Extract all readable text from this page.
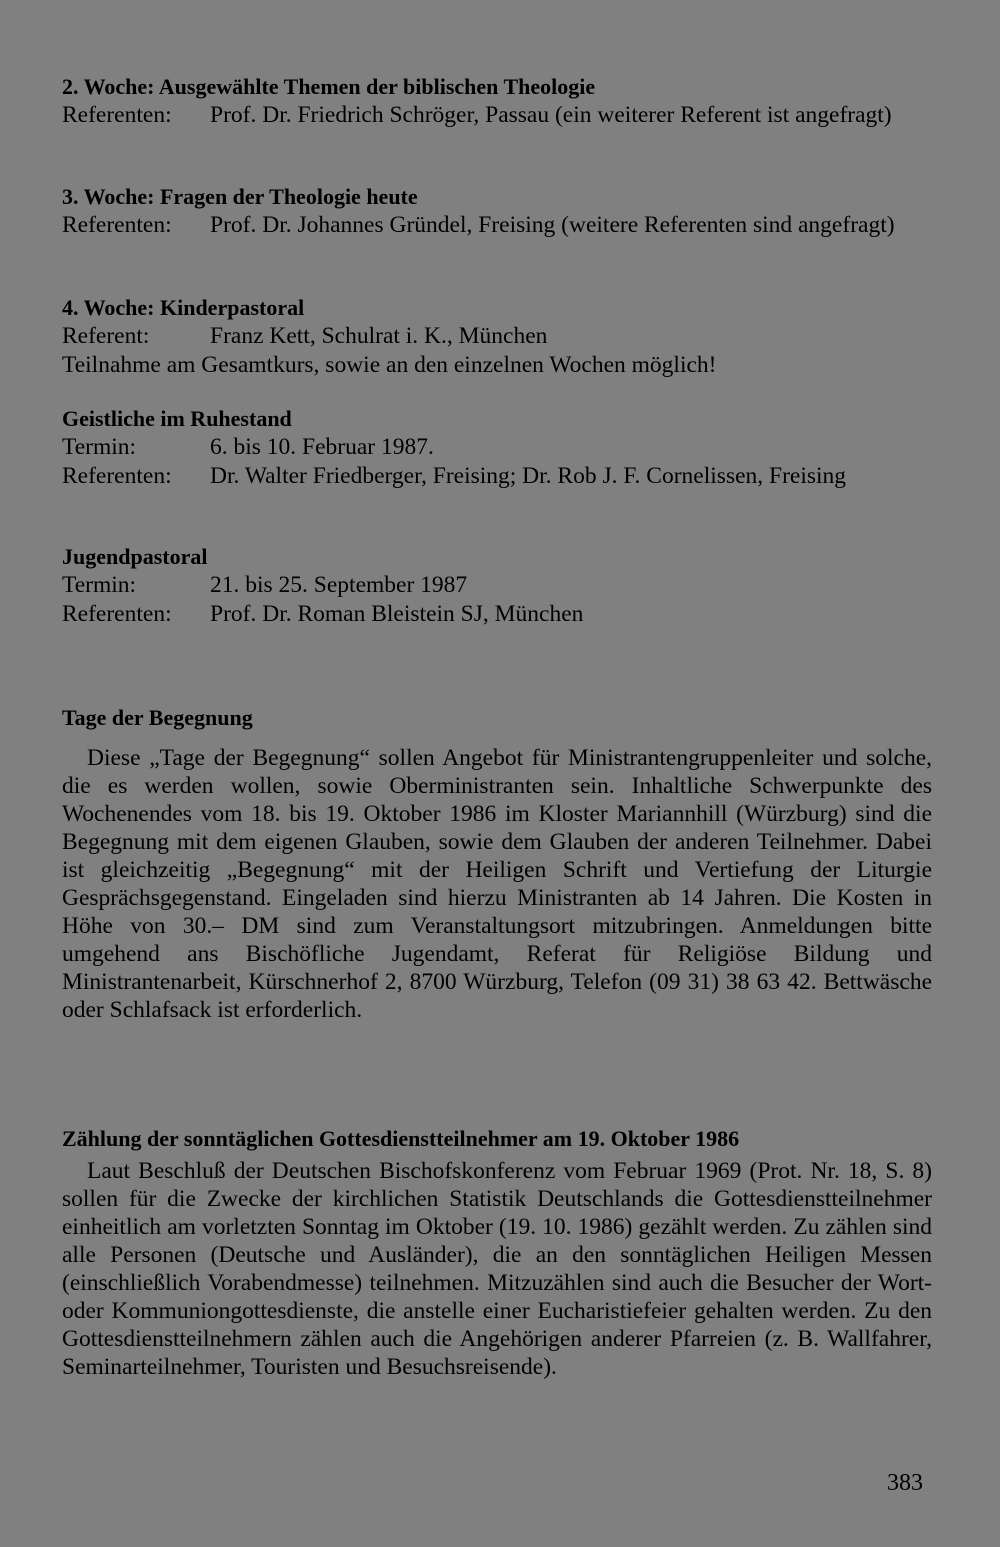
2. Woche: Ausgewählte Themen der biblischen Theologie
Referenten:	Prof. Dr. Friedrich Schröger, Passau (ein weiterer Referent ist angefragt)
3. Woche: Fragen der Theologie heute
Referenten:	Prof. Dr. Johannes Gründel, Freising (weitere Referenten sind angefragt)
4. Woche: Kinderpastoral
Referent:	Franz Kett, Schulrat i. K., München
Teilnahme am Gesamtkurs, sowie an den einzelnen Wochen möglich!
Geistliche im Ruhestand
Termin:	6. bis 10. Februar 1987.
Referenten:	Dr. Walter Friedberger, Freising; Dr. Rob J. F. Cornelissen, Freising
Jugendpastoral
Termin:	21. bis 25. September 1987
Referenten:	Prof. Dr. Roman Bleistein SJ, München
Tage der Begegnung

Diese „Tage der Begegnung“ sollen Angebot für Ministrantengruppenleiter und solche, die es werden wollen, sowie Oberministranten sein. Inhaltliche Schwerpunkte des Wochenendes vom 18. bis 19. Oktober 1986 im Kloster Mariannhill (Würzburg) sind die Begegnung mit dem eigenen Glauben, sowie dem Glauben der anderen Teilnehmer. Dabei ist gleichzeitig „Begegnung“ mit der Heiligen Schrift und Vertiefung der Liturgie Gesprächsgegenstand. Eingeladen sind hierzu Ministranten ab 14 Jahren. Die Kosten in Höhe von 30.– DM sind zum Veranstaltungsort mitzubringen. Anmeldungen bitte umgehend ans Bischöfliche Jugendamt, Referat für Religiöse Bildung und Ministrantenarbeit, Kürschnerhof 2, 8700 Würzburg, Telefon (09 31) 38 63 42. Bettwäsche oder Schlafsack ist erforderlich.

Zählung der sonntäglichen Gottesdienstteilnehmer am 19. Oktober 1986

Laut Beschluß der Deutschen Bischofskonferenz vom Februar 1969 (Prot. Nr. 18, S. 8) sollen für die Zwecke der kirchlichen Statistik Deutschlands die Gottesdienstteilnehmer einheitlich am vorletzten Sonntag im Oktober (19. 10. 1986) gezählt werden. Zu zählen sind alle Personen (Deutsche und Ausländer), die an den sonntäglichen Heiligen Messen (einschließlich Vorabendmesse) teilnehmen. Mitzuzählen sind auch die Besucher der Wort- oder Kommuniongottesdienste, die anstelle einer Eucharistiefeier gehalten werden. Zu den Gottesdienstteilnehmern zählen auch die Angehörigen anderer Pfarreien (z. B. Wallfahrer, Seminarteilnehmer, Touristen und Besuchsreisende).

383
